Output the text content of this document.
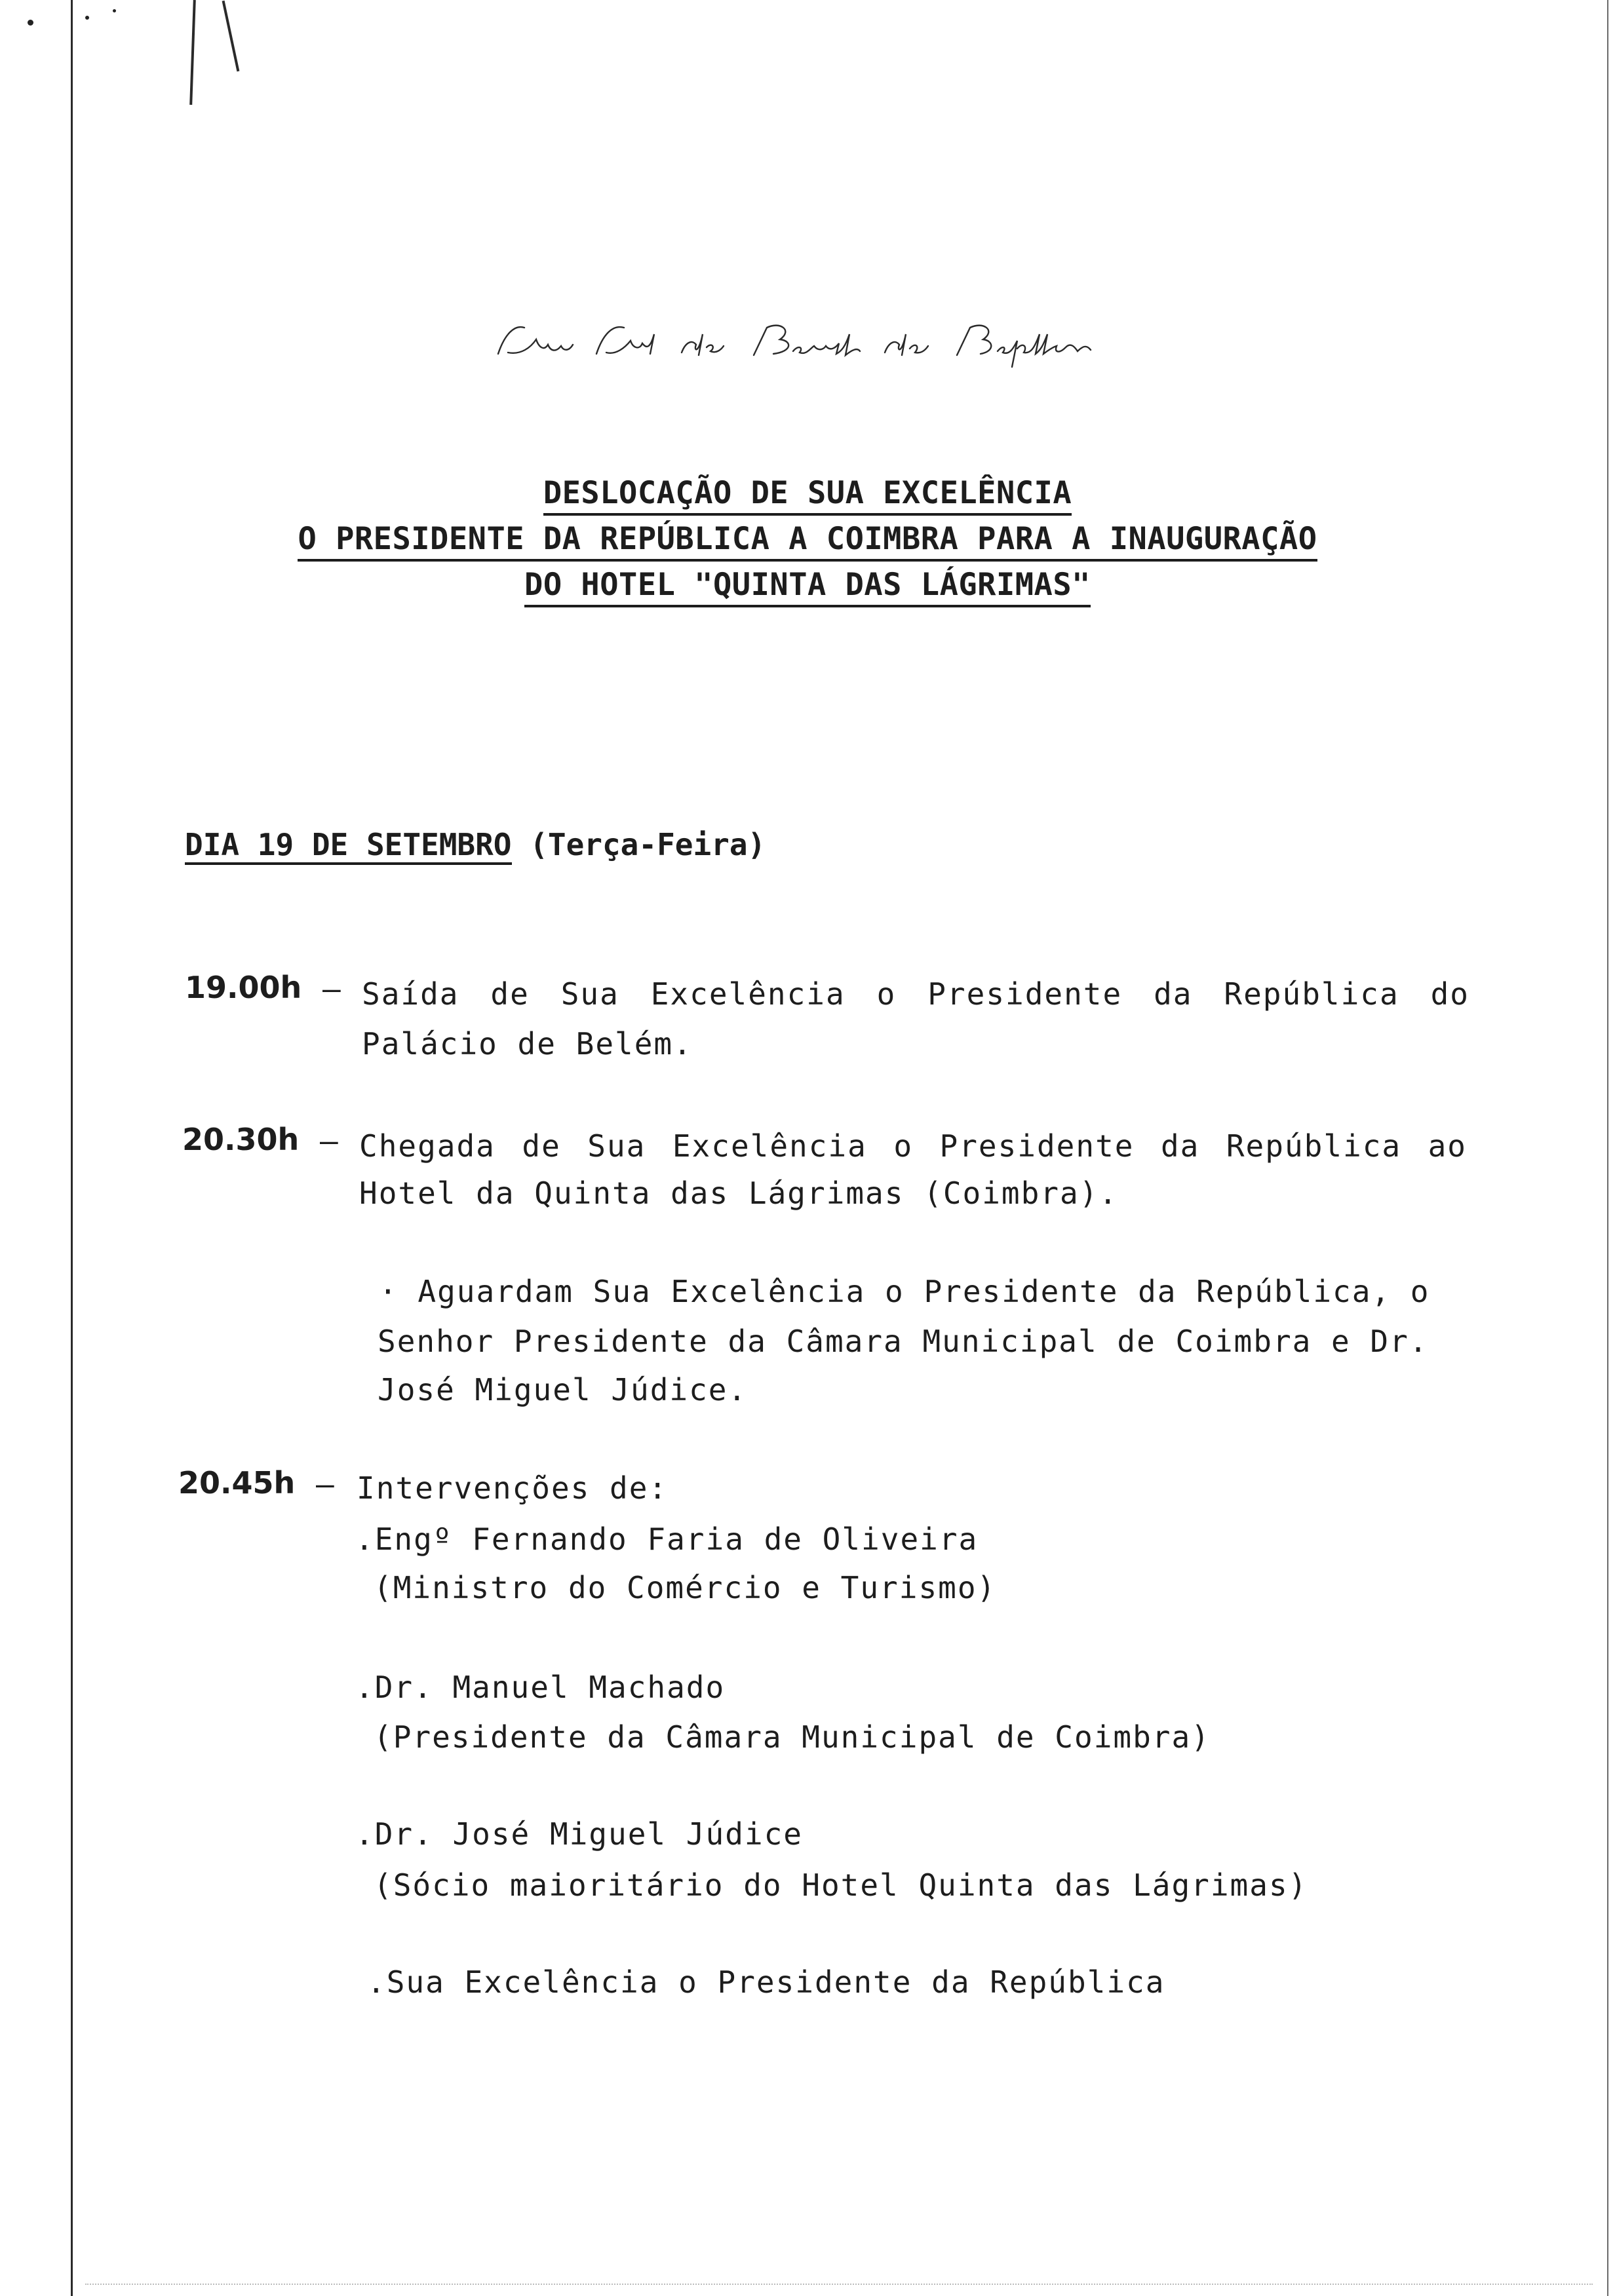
DESLOCAÇÃO DE SUA EXCELÊNCIA
O PRESIDENTE DA REPÚBLICA A COIMBRA PARA A INAUGURAÇÃO
DO HOTEL "QUINTA DAS LÁGRIMAS"
DIA 19 DE SETEMBRO (Terça-Feira)
19.00h – Saída de Sua Excelência o Presidente da República do
Palácio de Belém.
20.30h – Chegada de Sua Excelência o Presidente da República ao
Hotel da Quinta das Lágrimas (Coimbra).
· Aguardam Sua Excelência o Presidente da República, o
Senhor Presidente da Câmara Municipal de Coimbra e Dr.
José Miguel Júdice.
20.45h – Intervenções de:
.Engº Fernando Faria de Oliveira
(Ministro do Comércio e Turismo)
.Dr. Manuel Machado
(Presidente da Câmara Municipal de Coimbra)
.Dr. José Miguel Júdice
(Sócio maioritário do Hotel Quinta das Lágrimas)
.Sua Excelência o Presidente da República
